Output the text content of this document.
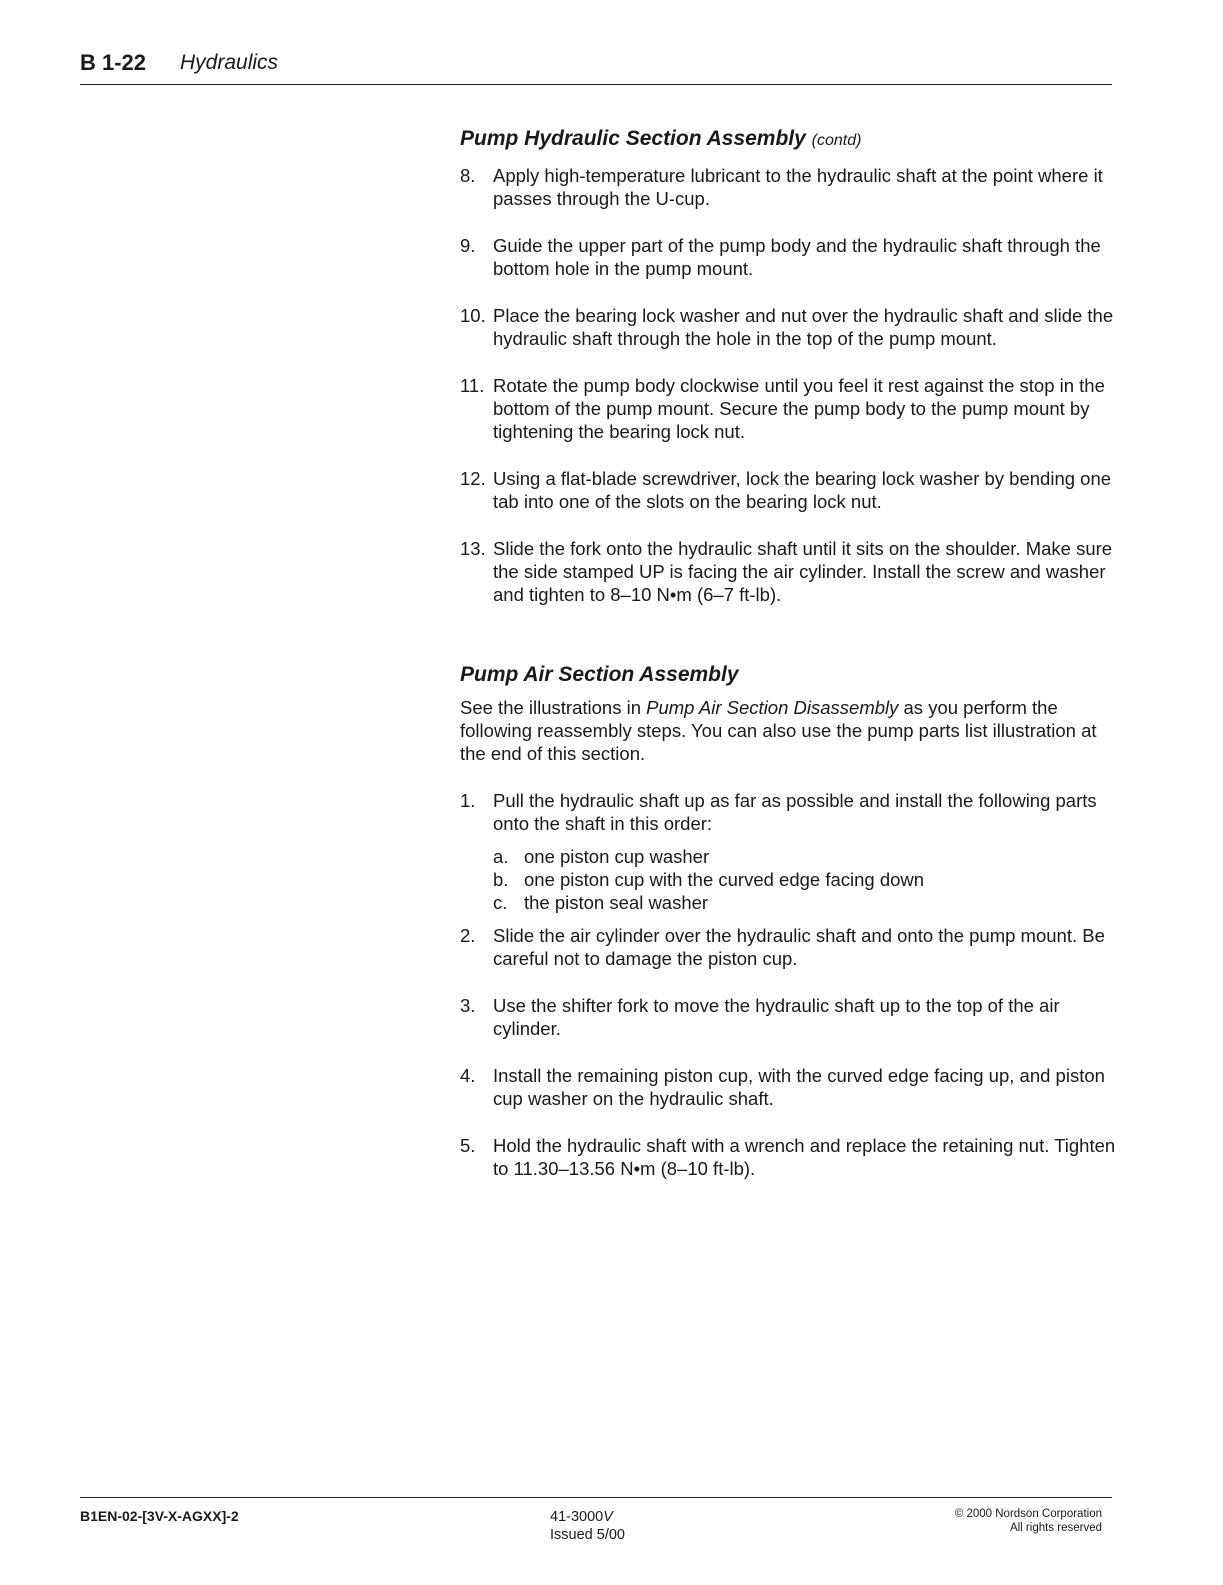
B 1-22 Hydraulics
Pump Hydraulic Section Assembly (contd)
8. Apply high-temperature lubricant to the hydraulic shaft at the point where it passes through the U-cup.
9. Guide the upper part of the pump body and the hydraulic shaft through the bottom hole in the pump mount.
10. Place the bearing lock washer and nut over the hydraulic shaft and slide the hydraulic shaft through the hole in the top of the pump mount.
11. Rotate the pump body clockwise until you feel it rest against the stop in the bottom of the pump mount. Secure the pump body to the pump mount by tightening the bearing lock nut.
12. Using a flat-blade screwdriver, lock the bearing lock washer by bending one tab into one of the slots on the bearing lock nut.
13. Slide the fork onto the hydraulic shaft until it sits on the shoulder. Make sure the side stamped UP is facing the air cylinder. Install the screw and washer and tighten to 8–10 N•m (6–7 ft-lb).
Pump Air Section Assembly

See the illustrations in Pump Air Section Disassembly as you perform the following reassembly steps. You can also use the pump parts list illustration at the end of this section.

1. Pull the hydraulic shaft up as far as possible and install the following parts onto the shaft in this order:
a. one piston cup washer
b. one piston cup with the curved edge facing down
c. the piston seal washer
2. Slide the air cylinder over the hydraulic shaft and onto the pump mount. Be careful not to damage the piston cup.
3. Use the shifter fork to move the hydraulic shaft up to the top of the air cylinder.
4. Install the remaining piston cup, with the curved edge facing up, and piston cup washer on the hydraulic shaft.
5. Hold the hydraulic shaft with a wrench and replace the retaining nut. Tighten to 11.30–13.56 N•m (8–10 ft-lb).
B1EN-02-[3V-X-AGXX]-2	41-3000V
Issued 5/00
© 2000 Nordson Corporation
All rights reserved
